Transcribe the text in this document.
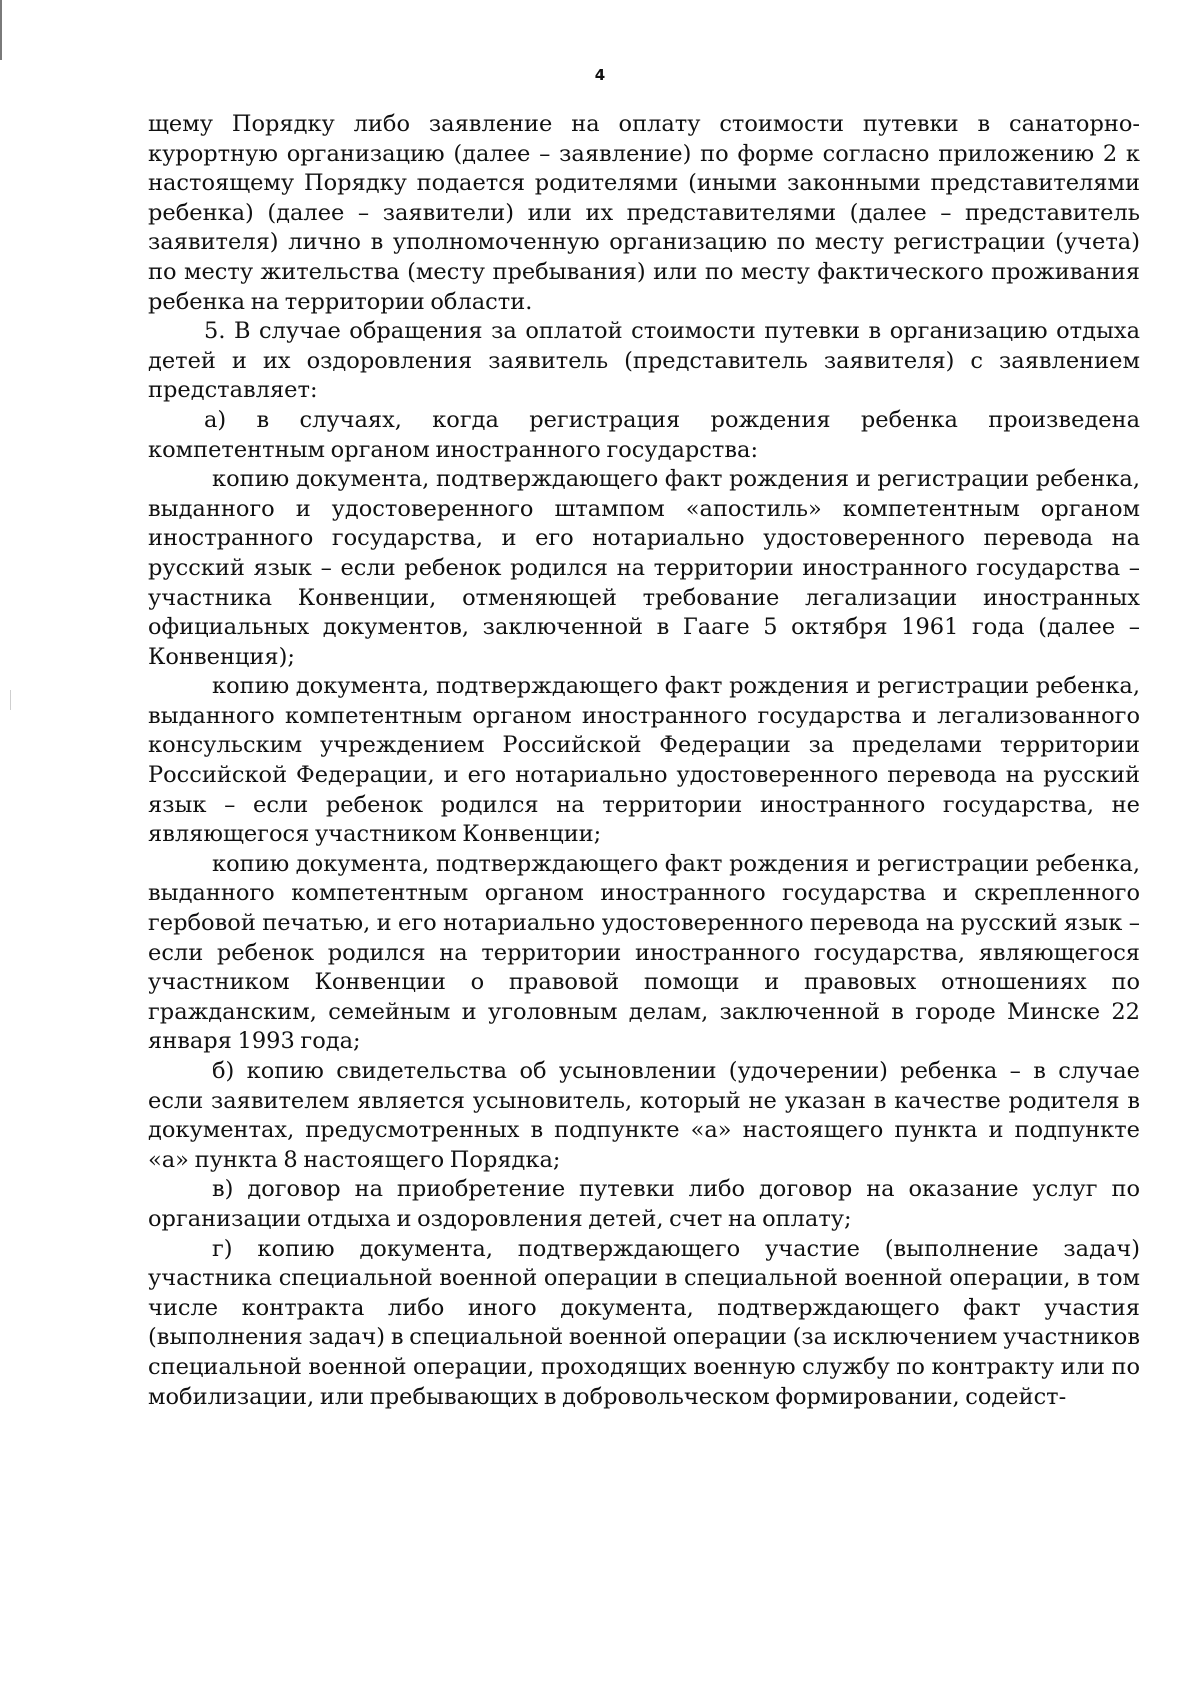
4

щему Порядку либо заявление на оплату стоимости путевки в санаторно-курортную организацию (далее – заявление) по форме согласно приложению 2 к настоящему Порядку подается родителями (иными законными представителями ребенка) (далее – заявители) или их представителями (далее – представитель заявителя) лично в уполномоченную организацию по месту регистрации (учета) по месту жительства (месту пребывания) или по месту фактического проживания ребенка на территории области.

5. В случае обращения за оплатой стоимости путевки в организацию отдыха детей и их оздоровления заявитель (представитель заявителя) с заявлением представляет:

а) в случаях, когда регистрация рождения ребенка произведена компетентным органом иностранного государства:

копию документа, подтверждающего факт рождения и регистрации ребенка, выданного и удостоверенного штампом «апостиль» компетентным органом иностранного государства, и его нотариально удостоверенного перевода на русский язык – если ребенок родился на территории иностранного государства – участника Конвенции, отменяющей требование легализации иностранных официальных документов, заключенной в Гааге 5 октября 1961 года (далее – Конвенция);

копию документа, подтверждающего факт рождения и регистрации ребенка, выданного компетентным органом иностранного государства и легализованного консульским учреждением Российской Федерации за пределами территории Российской Федерации, и его нотариально удостоверенного перевода на русский язык – если ребенок родился на территории иностранного государства, не являющегося участником Конвенции;

копию документа, подтверждающего факт рождения и регистрации ребенка, выданного компетентным органом иностранного государства и скрепленного гербовой печатью, и его нотариально удостоверенного перевода на русский язык – если ребенок родился на территории иностранного государства, являющегося участником Конвенции о правовой помощи и правовых отношениях по гражданским, семейным и уголовным делам, заключенной в городе Минске 22 января 1993 года;

б) копию свидетельства об усыновлении (удочерении) ребенка – в случае если заявителем является усыновитель, который не указан в качестве родителя в документах, предусмотренных в подпункте «а» настоящего пункта и подпункте «а» пункта 8 настоящего Порядка;

в) договор на приобретение путевки либо договор на оказание услуг по организации отдыха и оздоровления детей, счет на оплату;

г) копию документа, подтверждающего участие (выполнение задач) участника специальной военной операции в специальной военной операции, в том числе контракта либо иного документа, подтверждающего факт участия (выполнения задач) в специальной военной операции (за исключением участников специальной военной операции, проходящих военную службу по контракту или по мобилизации, или пребывающих в добровольческом формировании, содейст-
